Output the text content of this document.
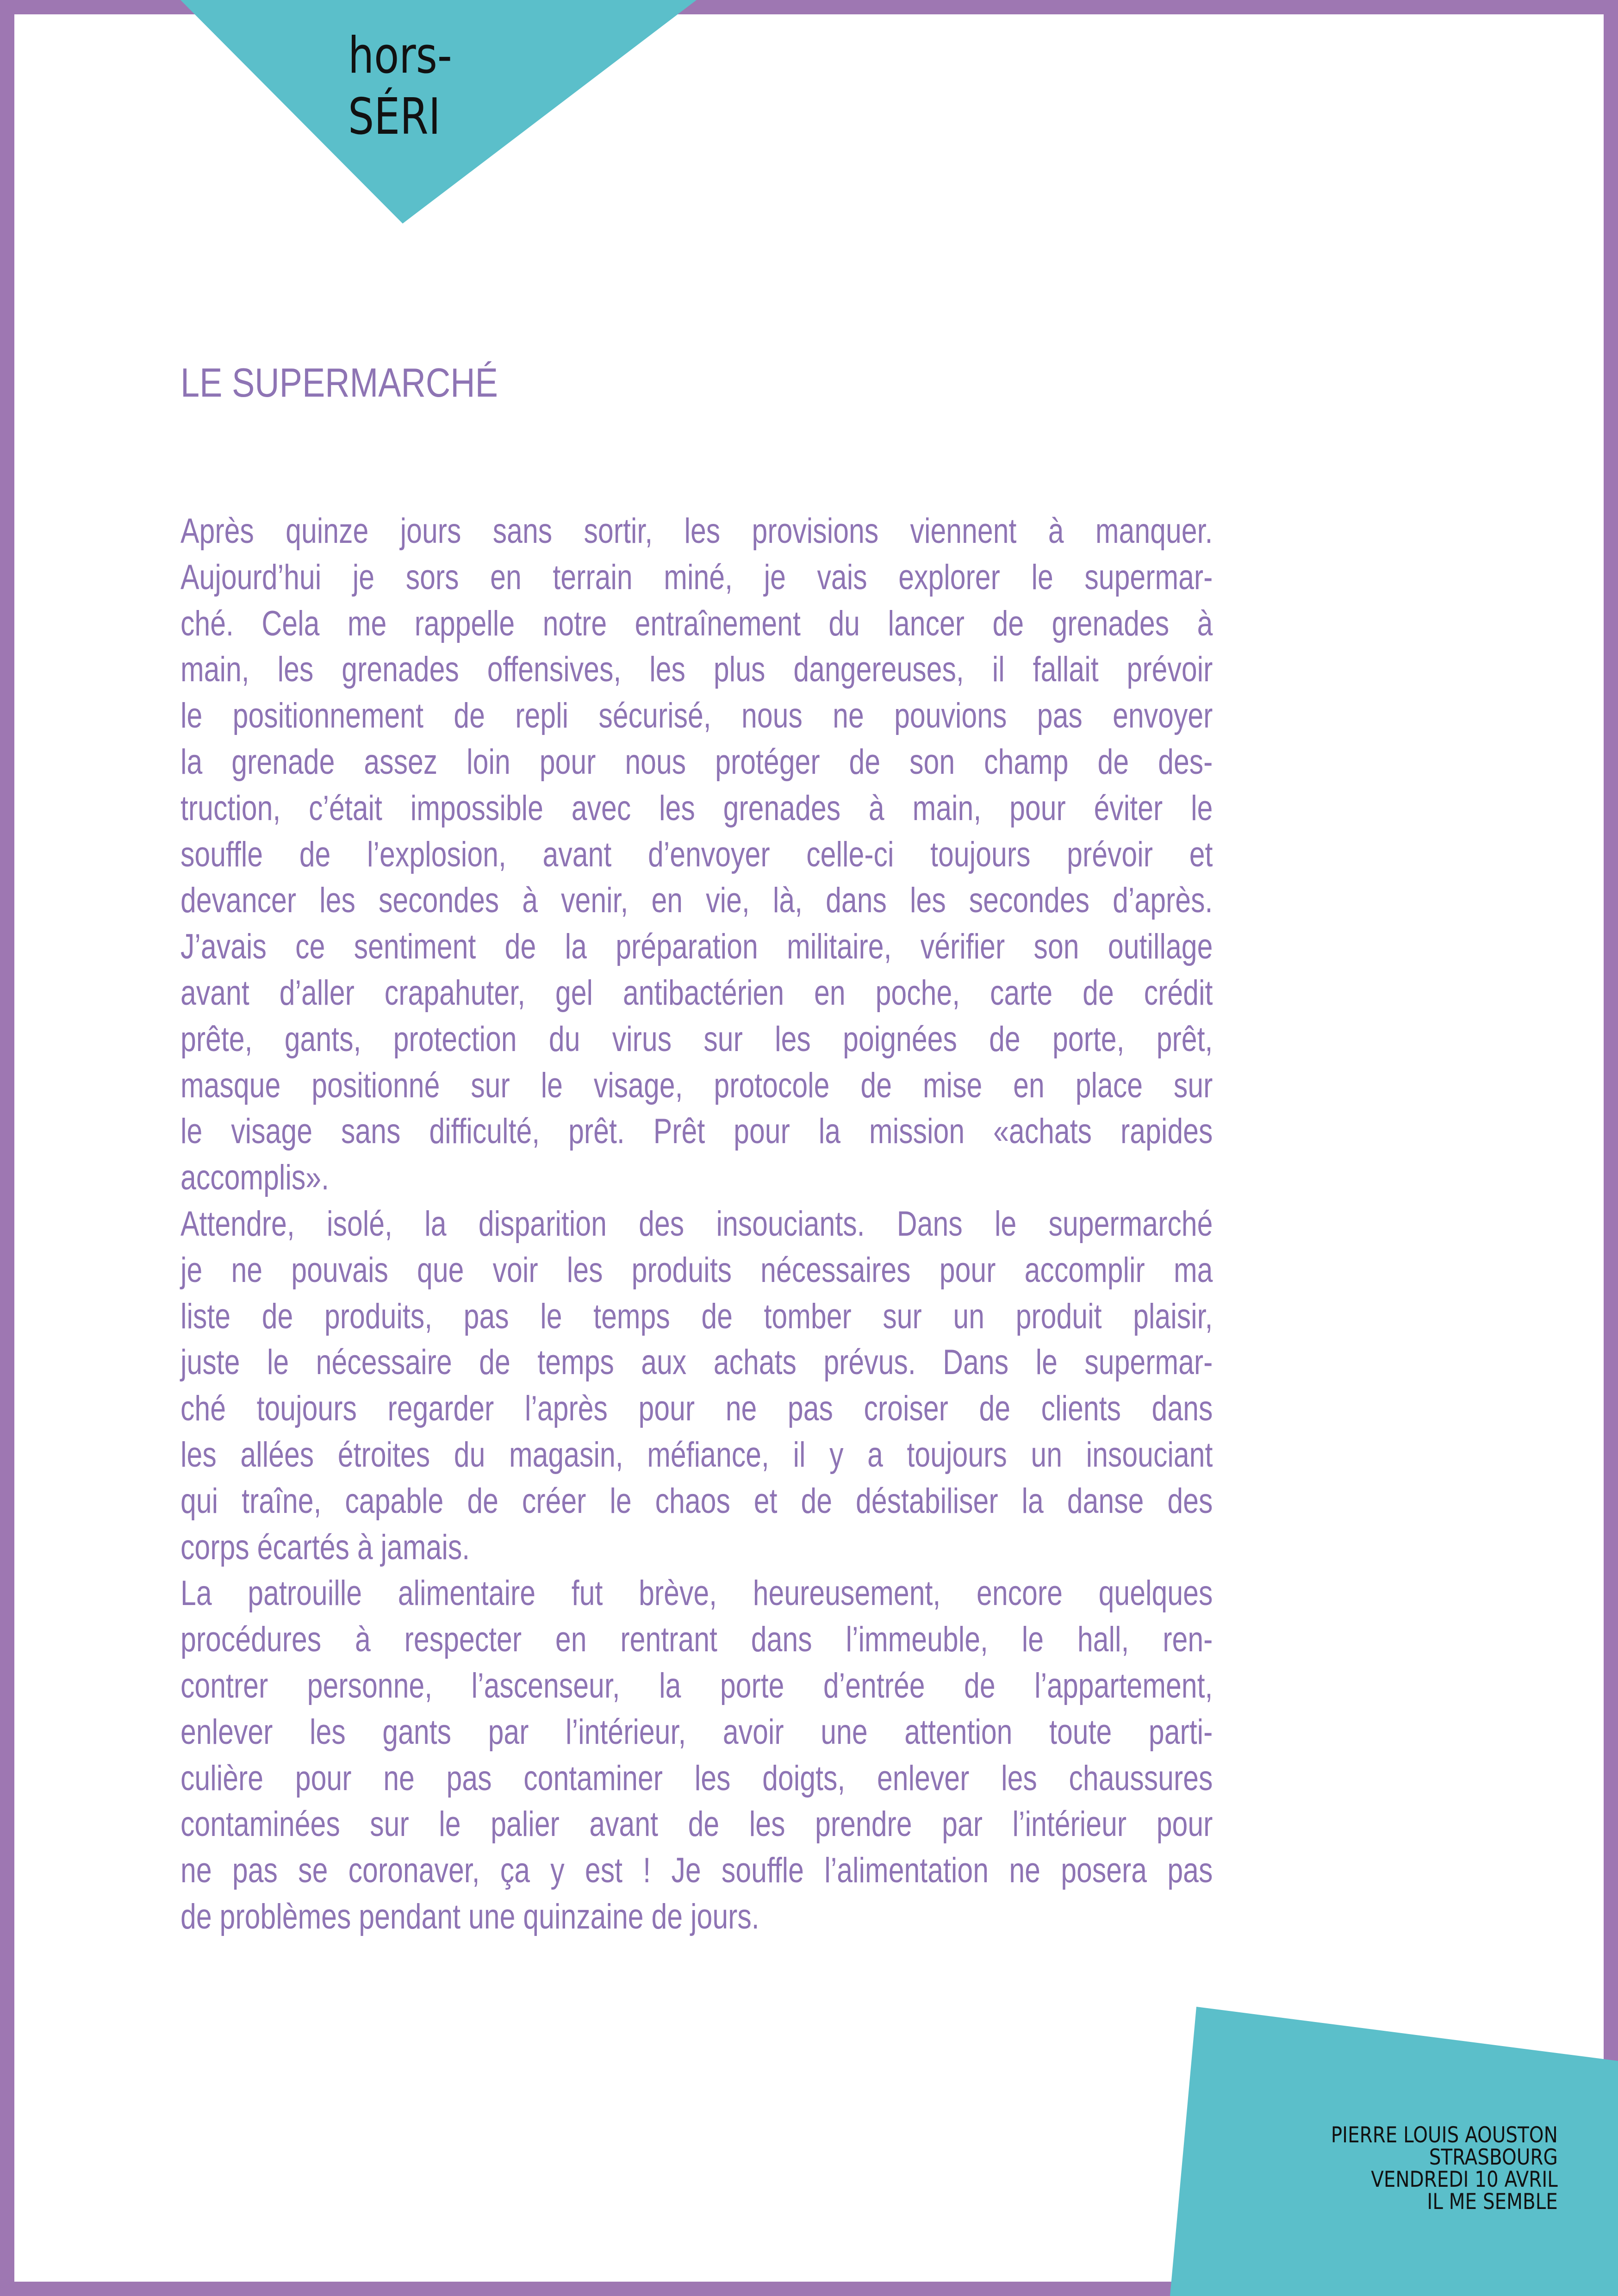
hors-
SÉRI
LE SUPERMARCHÉ
Après quinze jours sans sortir, les provisions viennent à manquer.
Aujourd’hui je sors en terrain miné, je vais explorer le supermar-
ché. Cela me rappelle notre entraînement du lancer de grenades à
main, les grenades offensives, les plus dangereuses, il fallait prévoir
le positionnement de repli sécurisé, nous ne pouvions pas envoyer
la grenade assez loin pour nous protéger de son champ de des-
truction, c’était impossible avec les grenades à main, pour éviter le
souffle de l’explosion, avant d’envoyer celle-ci toujours prévoir et
devancer les secondes à venir, en vie, là, dans les secondes d’après.
J’avais ce sentiment de la préparation militaire, vérifier son outillage
avant d’aller crapahuter, gel antibactérien en poche, carte de crédit
prête, gants, protection du virus sur les poignées de porte, prêt,
masque positionné sur le visage, protocole de mise en place sur
le visage sans difficulté, prêt. Prêt pour la mission «achats rapides
accomplis».
Attendre, isolé, la disparition des insouciants. Dans le supermarché
je ne pouvais que voir les produits nécessaires pour accomplir ma
liste de produits, pas le temps de tomber sur un produit plaisir,
juste le nécessaire de temps aux achats prévus. Dans le supermar-
ché toujours regarder l’après pour ne pas croiser de clients dans
les allées étroites du magasin, méfiance, il y a toujours un insouciant
qui traîne, capable de créer le chaos et de déstabiliser la danse des
corps écartés à jamais.
La patrouille alimentaire fut brève, heureusement, encore quelques
procédures à respecter en rentrant dans l’immeuble, le hall, ren-
contrer personne, l’ascenseur, la porte d’entrée de l’appartement,
enlever les gants par l’intérieur, avoir une attention toute parti-
culière pour ne pas contaminer les doigts, enlever les chaussures
contaminées sur le palier avant de les prendre par l’intérieur pour
ne pas se coronaver, ça y est ! Je souffle l’alimentation ne posera pas
de problèmes pendant une quinzaine de jours.
PIERRE LOUIS AOUSTON
STRASBOURG
VENDREDI 10 AVRIL
IL ME SEMBLE
